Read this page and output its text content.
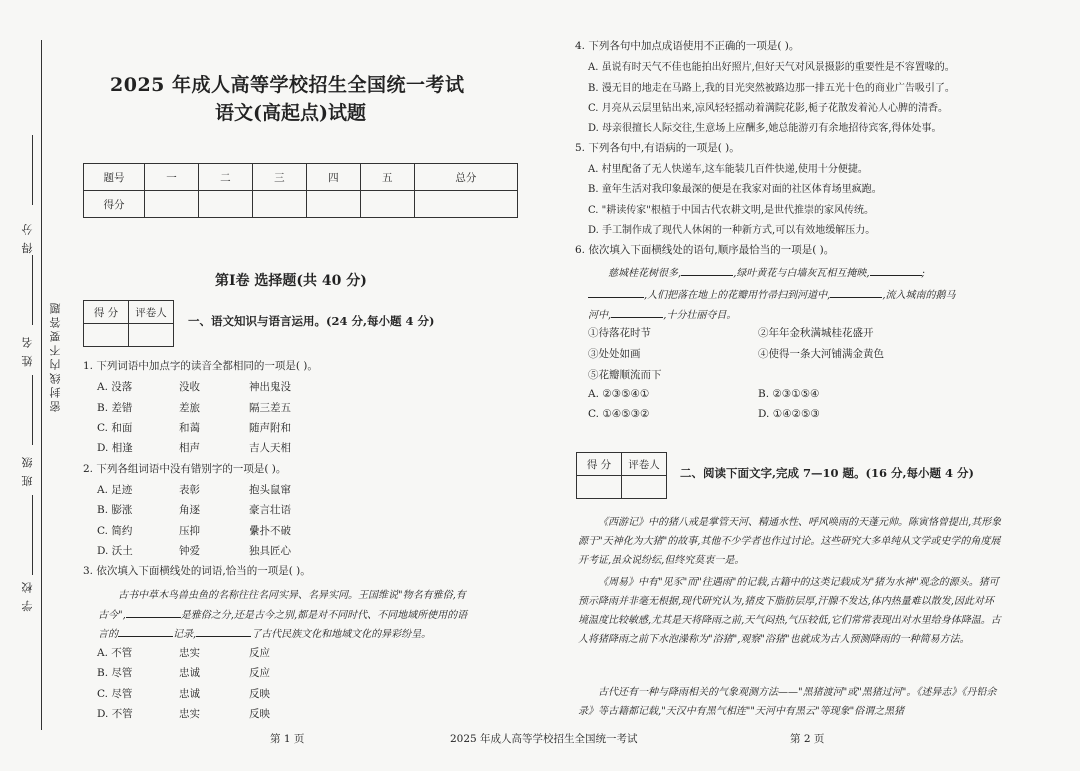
得 分
姓 名 密封线内不要答题
班 级
学 校
2025 年成人高等学校招生全国统一考试
语文(高起点)试题
题号	一	二	三	四	五	总分
得分						
第Ⅰ卷 选择题(共 40 分)
得 分	评卷人

一、语文知识与语言运用。(24 分,每小题 4 分)
1. 下列词语中加点字的读音全都相同的一项是( )。
A. 没落	没收	神出鬼没
B. 差错	差旅	隔三差五
C. 和面	和蔼	随声附和
D. 相逢	相声	吉人天相
2. 下列各组词语中没有错别字的一项是( )。
A. 足迹	表彰	抱头鼠窜
B. 膨涨	角逐	豪言壮语
C. 简约	压抑	纍扑不破
D. 沃土	钟爱	独具匠心
3. 依次填入下面横线处的词语,恰当的一项是( )。
古书中草木鸟兽虫鱼的名称往往名同实异、名异实同。王国维说"物名有雅俗,有
古今",	是雅俗之分,还是古今之别,都是对不同时代、不同地域所使用的语
言的	记录,	了古代民族文化和地域文化的异彩纷呈。
A. 不管	忠实	反应
B. 尽管	忠诚	反应
C. 尽管	忠诚	反映
D. 不管	忠实	反映
4. 下列各句中加点成语使用不正确的一项是( )。
A. 虽说有时天气不佳也能拍出好照片,但好天气对风景摄影的重要性是不容置喙的。
B. 漫无目的地走在马路上,我的目光突然被路边那一排五光十色的商业广告吸引了。
C. 月亮从云层里钻出来,凉风轻轻摇动着满院花影,栀子花散发着沁人心脾的清香。
D. 母亲很擅长人际交往,生意场上应酬多,她总能游刃有余地招待宾客,得体处事。
5. 下列各句中,有语病的一项是( )。
A. 村里配备了无人快递车,这车能装几百件快递,使用十分便捷。
B. 童年生活对我印象最深的便是在我家对面的社区体育场里疯跑。
C. "耕读传家"根植于中国古代农耕文明,是世代推崇的家风传统。
D. 手工制作成了现代人休闲的一种新方式,可以有效地缓解压力。
6. 依次填入下面横线处的语句,顺序最恰当的一项是( )。
慈城桂花树很多,	,绿叶黄花与白墙灰瓦相互掩映,	;
,人们把落在地上的花瓣用竹帚扫到河道中,	,流入城南的鹅马
河中,	,十分壮丽夺目。
①待落花时节	②年年金秋满城桂花盛开
③处处如画	④使得一条大河铺满金黄色
⑤花瓣顺流而下
A. ②③⑤④①	B. ②③①⑤④
C. ①④⑤③②	D. ①④②⑤③
得 分	评卷人

二、阅读下面文字,完成 7—10 题。(16 分,每小题 4 分)
《西游记》中的猪八戒是掌管天河、精通水性、呼风唤雨的天蓬元帅。陈寅恪曾提出,其形象源于"天神化为大猪"的故事,其他不少学者也作过讨论。这些研究大多单纯从文学或史学的角度展开考证,虽众说纷纭,但终究莫衷一是。
《周易》中有"见豕"而"往遇雨"的记载,古籍中的这类记载成为"猪为水神"观念的源头。猪可预示降雨并非毫无根据,现代研究认为,猪皮下脂肪层厚,汗腺不发达,体内热量难以散发,因此对环境温度比较敏感,尤其是天将降雨之前,天气闷热,气压较低,它们常常表现出对水里给身体降温。古人将猪降雨之前下水泡澡称为"浴猪",观察"浴猪"也就成为古人预测降雨的一种简易方法。
古代还有一种与降雨相关的气象观测方法——"黑猪渡河"或"黑猪过河"。《述异志》《丹铅余录》等古籍都记载,"天汉中有黑气相连""天河中有黑云"等现象"俗谓之黑猪
第 1 页	2025 年成人高等学校招生全国统一考试	第 2 页
